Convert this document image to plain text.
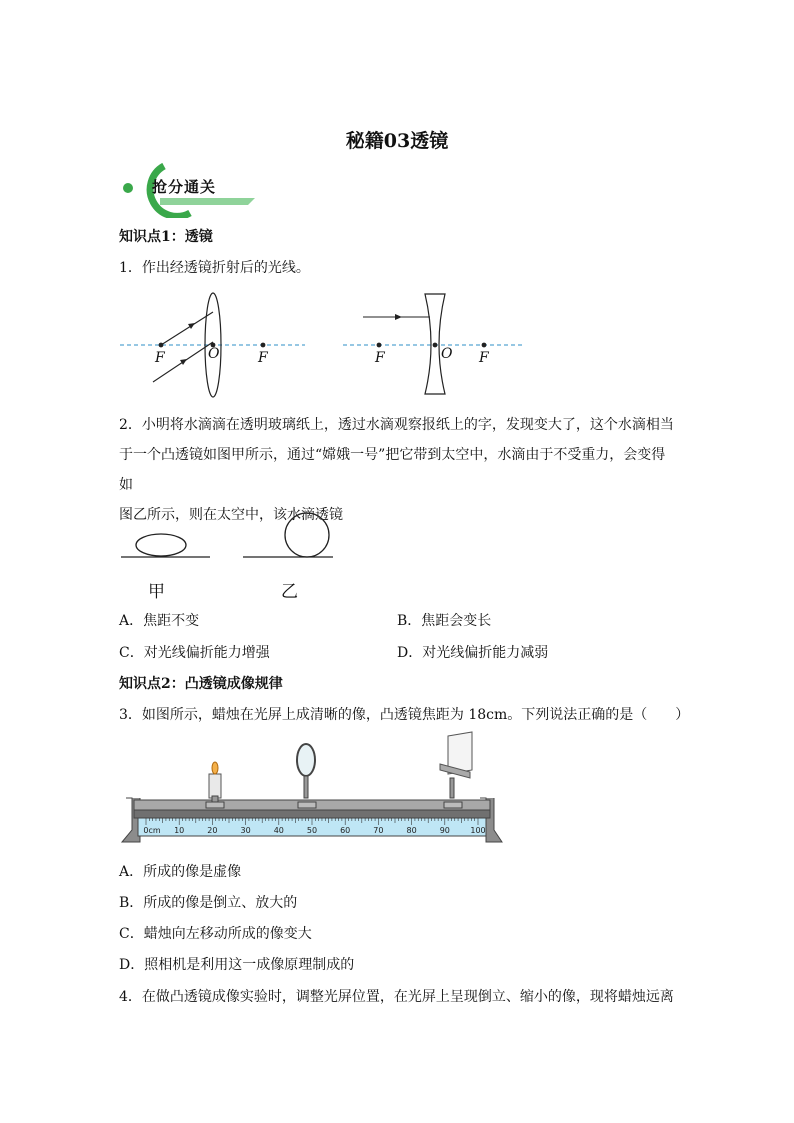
秘籍03透镜
抢分通关
知识点1：透镜
1．作出经透镜折射后的光线。
F	O	F	F	O F
2．小明将水滴滴在透明玻璃纸上，透过水滴观察报纸上的字，发现变大了，这个水滴相当
于一个凸透镜如图甲所示，通过“嫦娥一号”把它带到太空中，水滴由于不受重力，会变得如
图乙所示，则在太空中，该水滴透镜
甲	乙
A．焦距不变	B．焦距会变长
C．对光线偏折能力增强	D．对光线偏折能力减弱
知识点2：凸透镜成像规律
3．如图所示，蜡烛在光屏上成清晰的像，凸透镜焦距为 18cm。下列说法正确的是（　　）
0cm 10	20	30	40	50	60	70	80	90	100
A．所成的像是虚像
B．所成的像是倒立、放大的
C．蜡烛向左移动所成的像变大
D．照相机是利用这一成像原理制成的
4．在做凸透镜成像实验时，调整光屏位置，在光屏上呈现倒立、缩小的像，现将蜡烛远离
